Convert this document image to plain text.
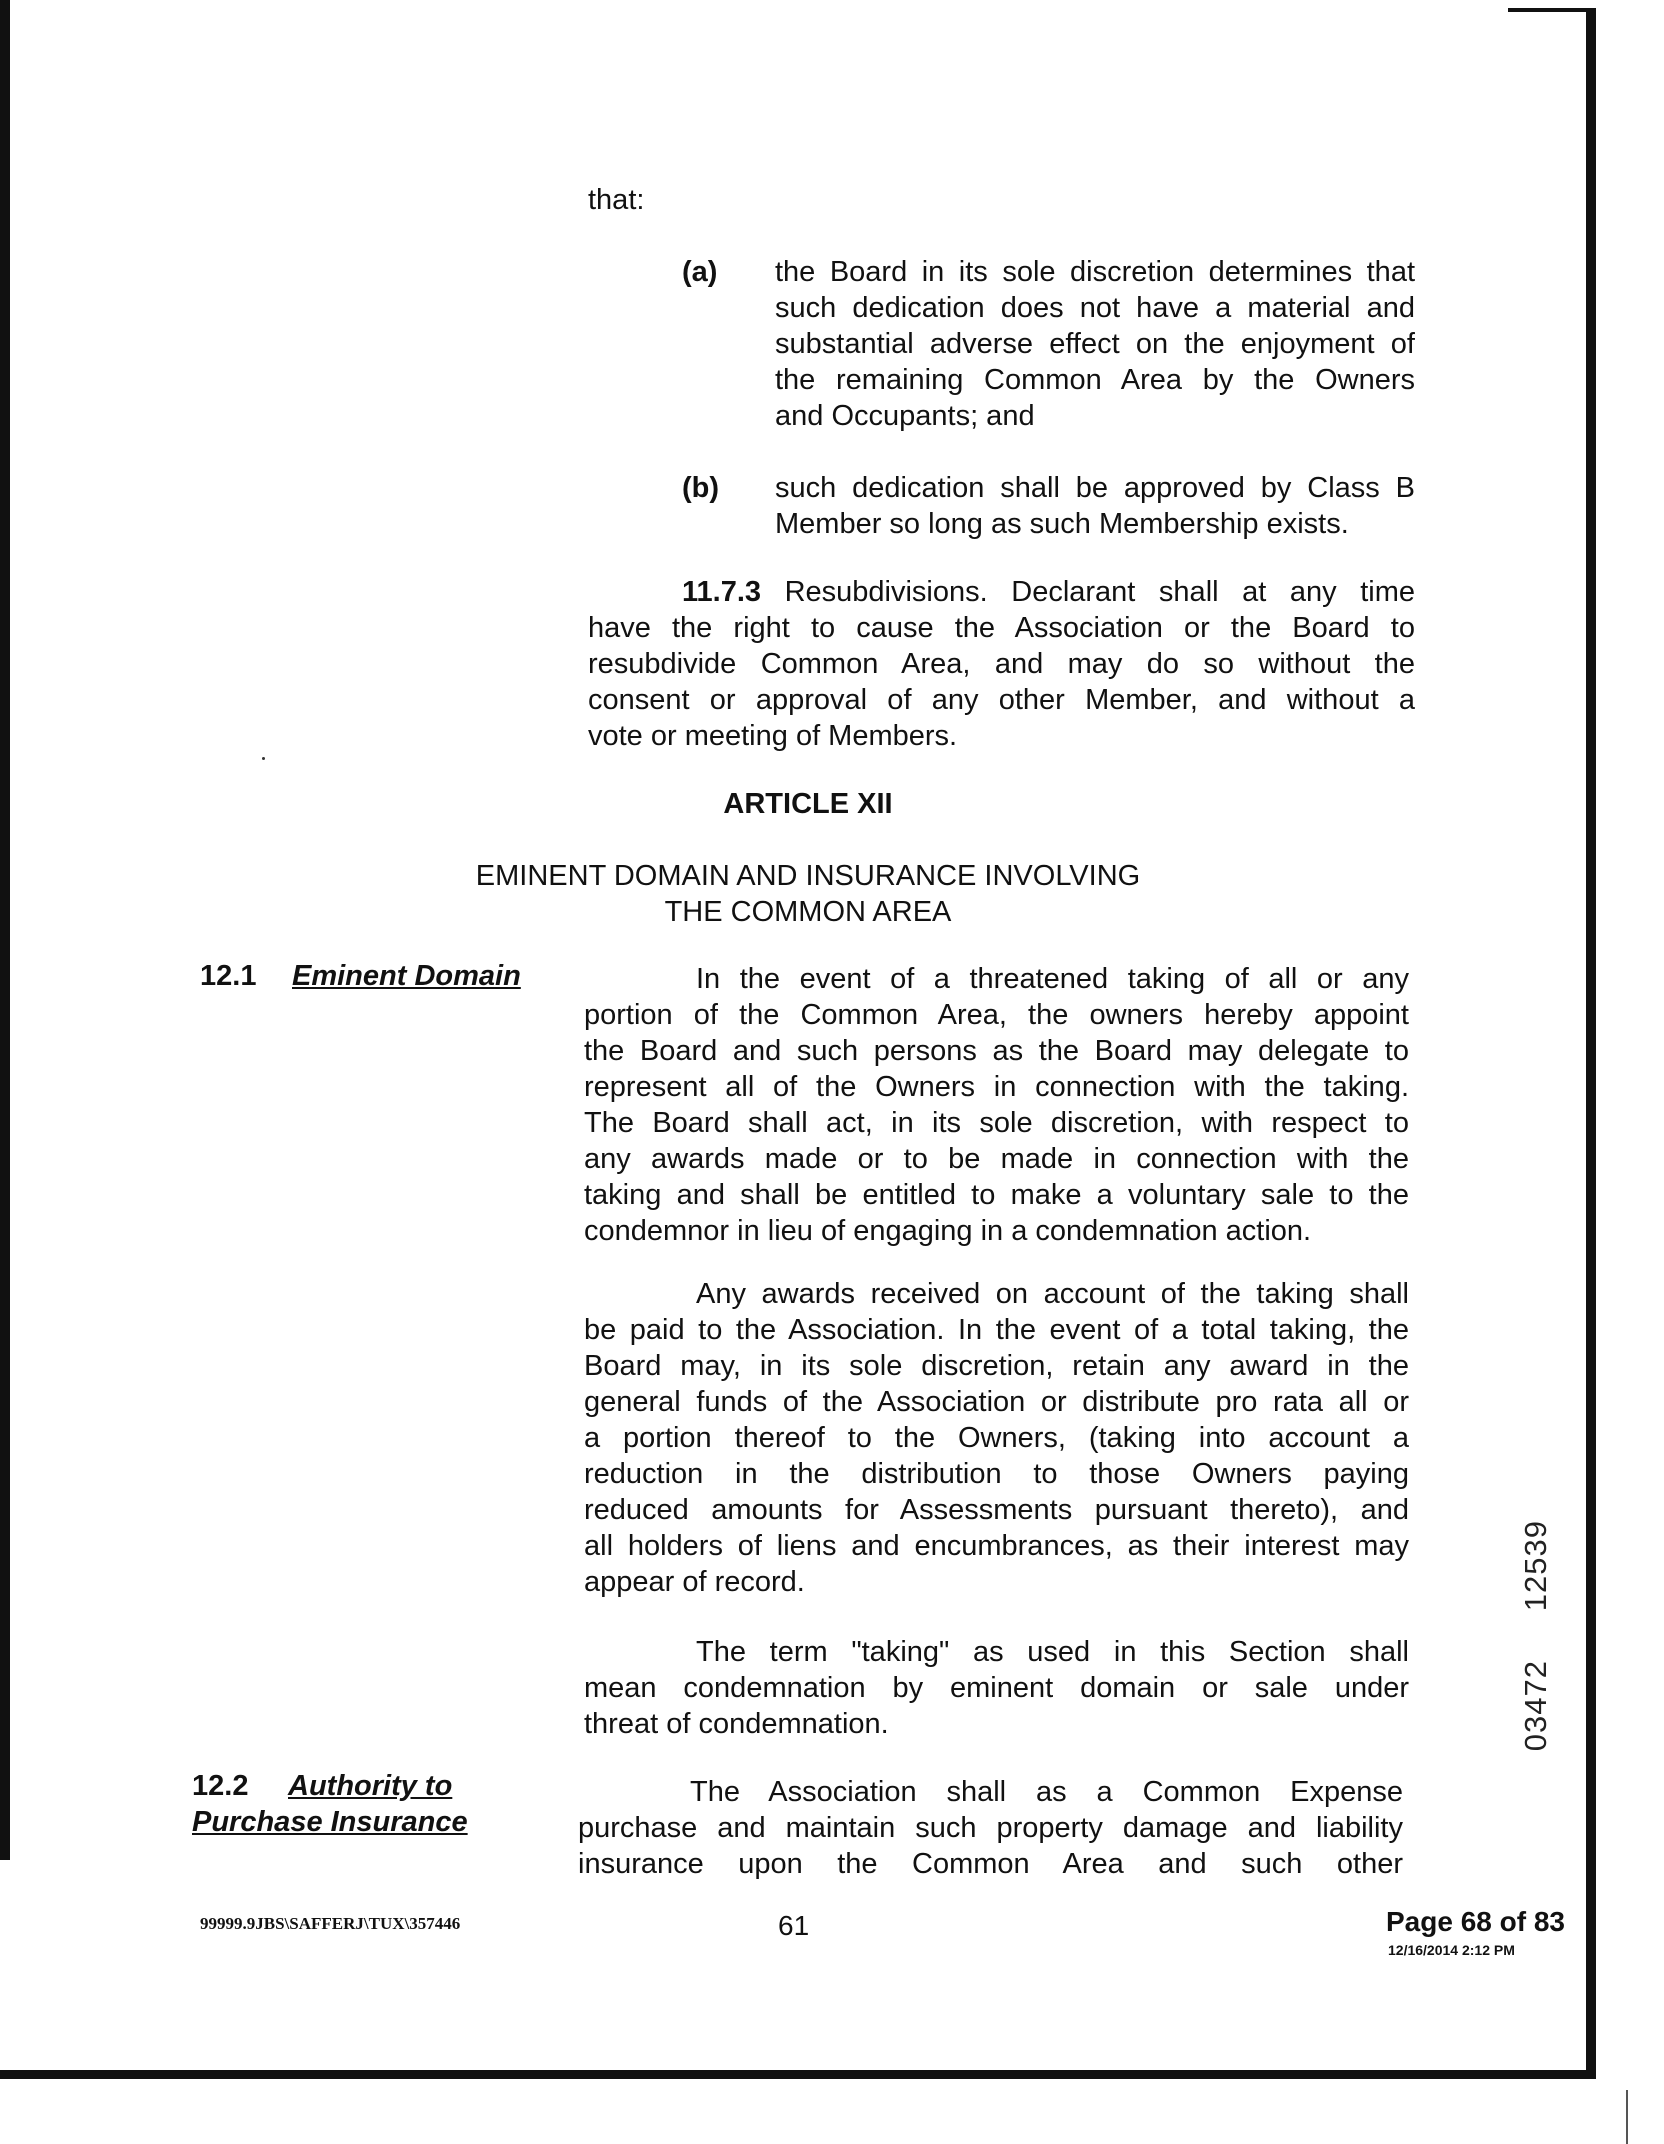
that:
(a) the Board in its sole discretion determines that
such dedication does not have a material and
substantial adverse effect on the enjoyment of
the remaining Common Area by the Owners
and Occupants; and
(b) such dedication shall be approved by Class B
Member so long as such Membership exists.
11.7.3 Resubdivisions. Declarant shall at any time
have the right to cause the Association or the Board to
resubdivide Common Area, and may do so without the
consent or approval of any other Member, and without a
vote or meeting of Members.
ARTICLE XII
EMINENT DOMAIN AND INSURANCE INVOLVING
THE COMMON AREA
12.1 Eminent Domain	In the event of a threatened taking of all or any
portion of the Common Area, the owners hereby appoint
the Board and such persons as the Board may delegate to
represent all of the Owners in connection with the taking.
The Board shall act, in its sole discretion, with respect to
any awards made or to be made in connection with the
taking and shall be entitled to make a voluntary sale to the
condemnor in lieu of engaging in a condemnation action.
Any awards received on account of the taking shall
be paid to the Association. In the event of a total taking, the
Board may, in its sole discretion, retain any award in the
general funds of the Association or distribute pro rata all or
a portion thereof to the Owners, (taking into account a
reduction in the distribution to those Owners paying
reduced amounts for Assessments pursuant thereto), and
all holders of liens and encumbrances, as their interest may
appear of record.
The term "taking" as used in this Section shall
mean condemnation by eminent domain or sale under
threat of condemnation.
12.2 Authority to
Purchase Insurance
The Association shall as a Common Expense
purchase and maintain such property damage and liability
insurance upon the Common Area and such other
12539
03472
99999.9JBS\SAFFERJ\TUX\357446	61	Page 68 of 83
12/16/2014 2:12 PM
